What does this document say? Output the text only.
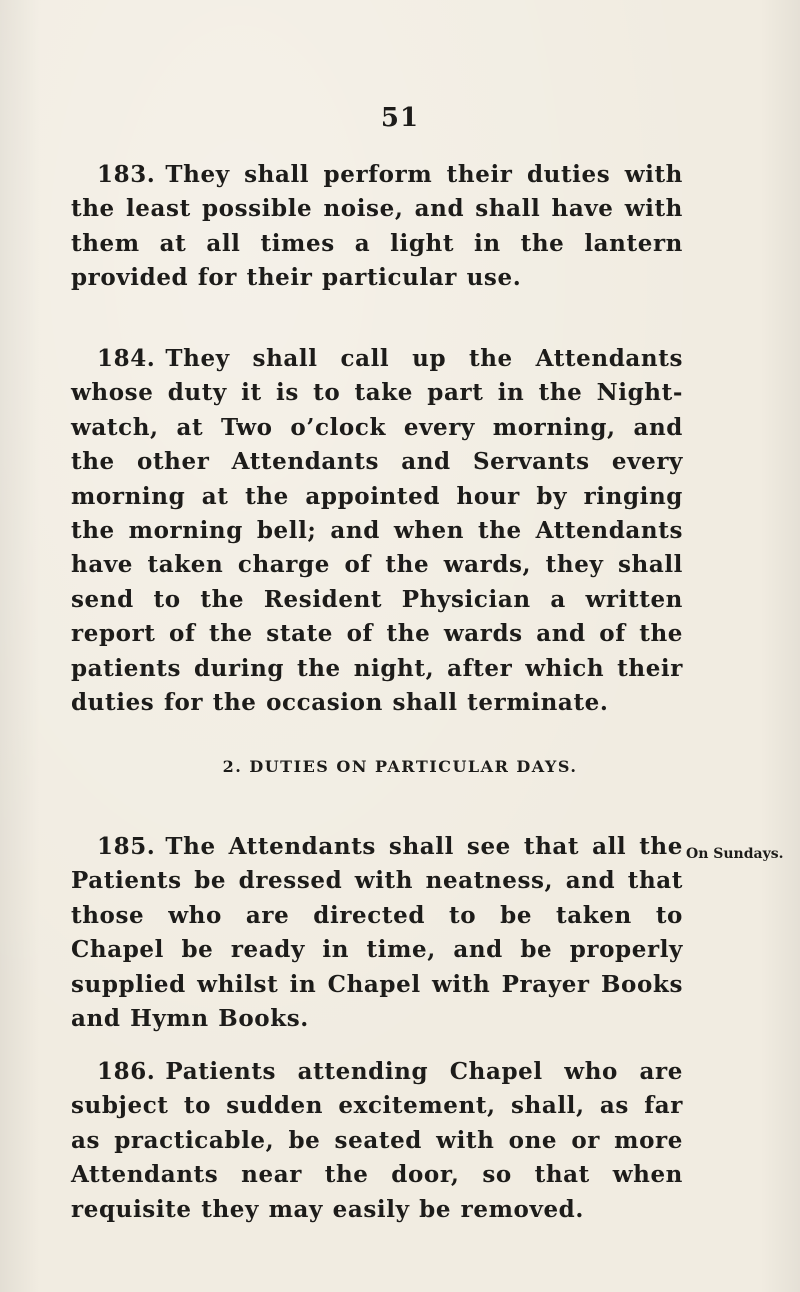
51

183. They shall perform their duties with the least possible noise, and shall have with them at all times a light in the lantern provided for their particular use.

184. They shall call up the Attendants whose duty it is to take part in the Night-watch, at Two o’clock every morning, and the other Attendants and Servants every morning at the appointed hour by ringing the morning bell; and when the Attendants have taken charge of the wards, they shall send to the Resident Physician a written report of the state of the wards and of the patients during the night, after which their duties for the occasion shall terminate.

2. DUTIES ON PARTICULAR DAYS.

185. The Attendants shall see that all the Patients be dressed with neatness, and that those who are directed to be taken to Chapel be ready in time, and be properly supplied whilst in Chapel with Prayer Books and Hymn Books.

On Sundays.

186. Patients attending Chapel who are subject to sudden excitement, shall, as far as practicable, be seated with one or more Attendants near the door, so that when requisite they may easily be removed.
